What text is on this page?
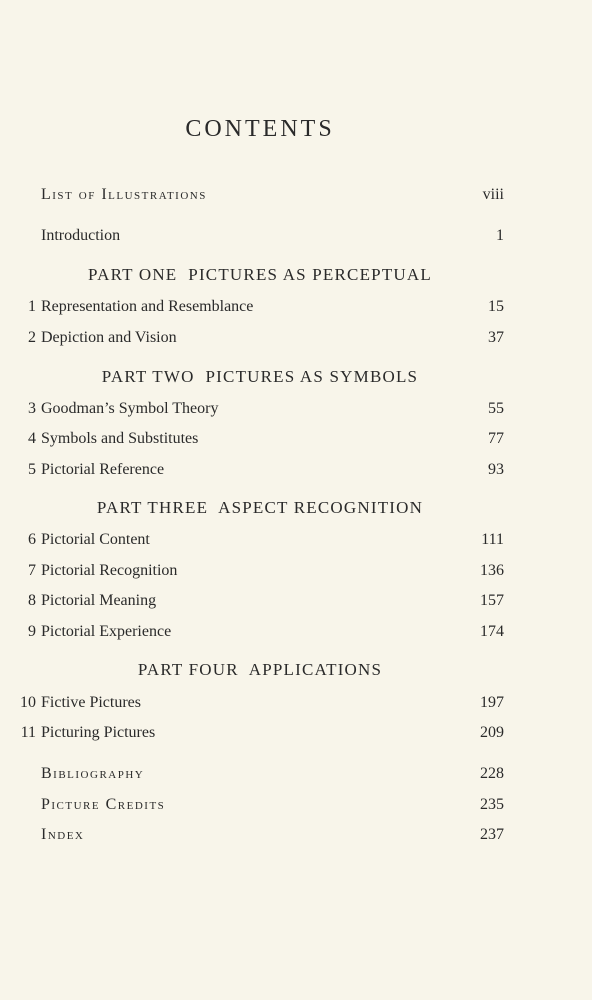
CONTENTS
List of Illustrations	viii
Introduction	1
PART ONE  PICTURES AS PERCEPTUAL
1 Representation and Resemblance	15
2 Depiction and Vision	37
PART TWO  PICTURES AS SYMBOLS
3 Goodman’s Symbol Theory	55
4 Symbols and Substitutes	77
5 Pictorial Reference	93
PART THREE  ASPECT RECOGNITION
6 Pictorial Content	111
7 Pictorial Recognition	136
8 Pictorial Meaning	157
9 Pictorial Experience	174
PART FOUR  APPLICATIONS
10 Fictive Pictures	197
11 Picturing Pictures	209
Bibliography	228
Picture Credits	235
Index	237
